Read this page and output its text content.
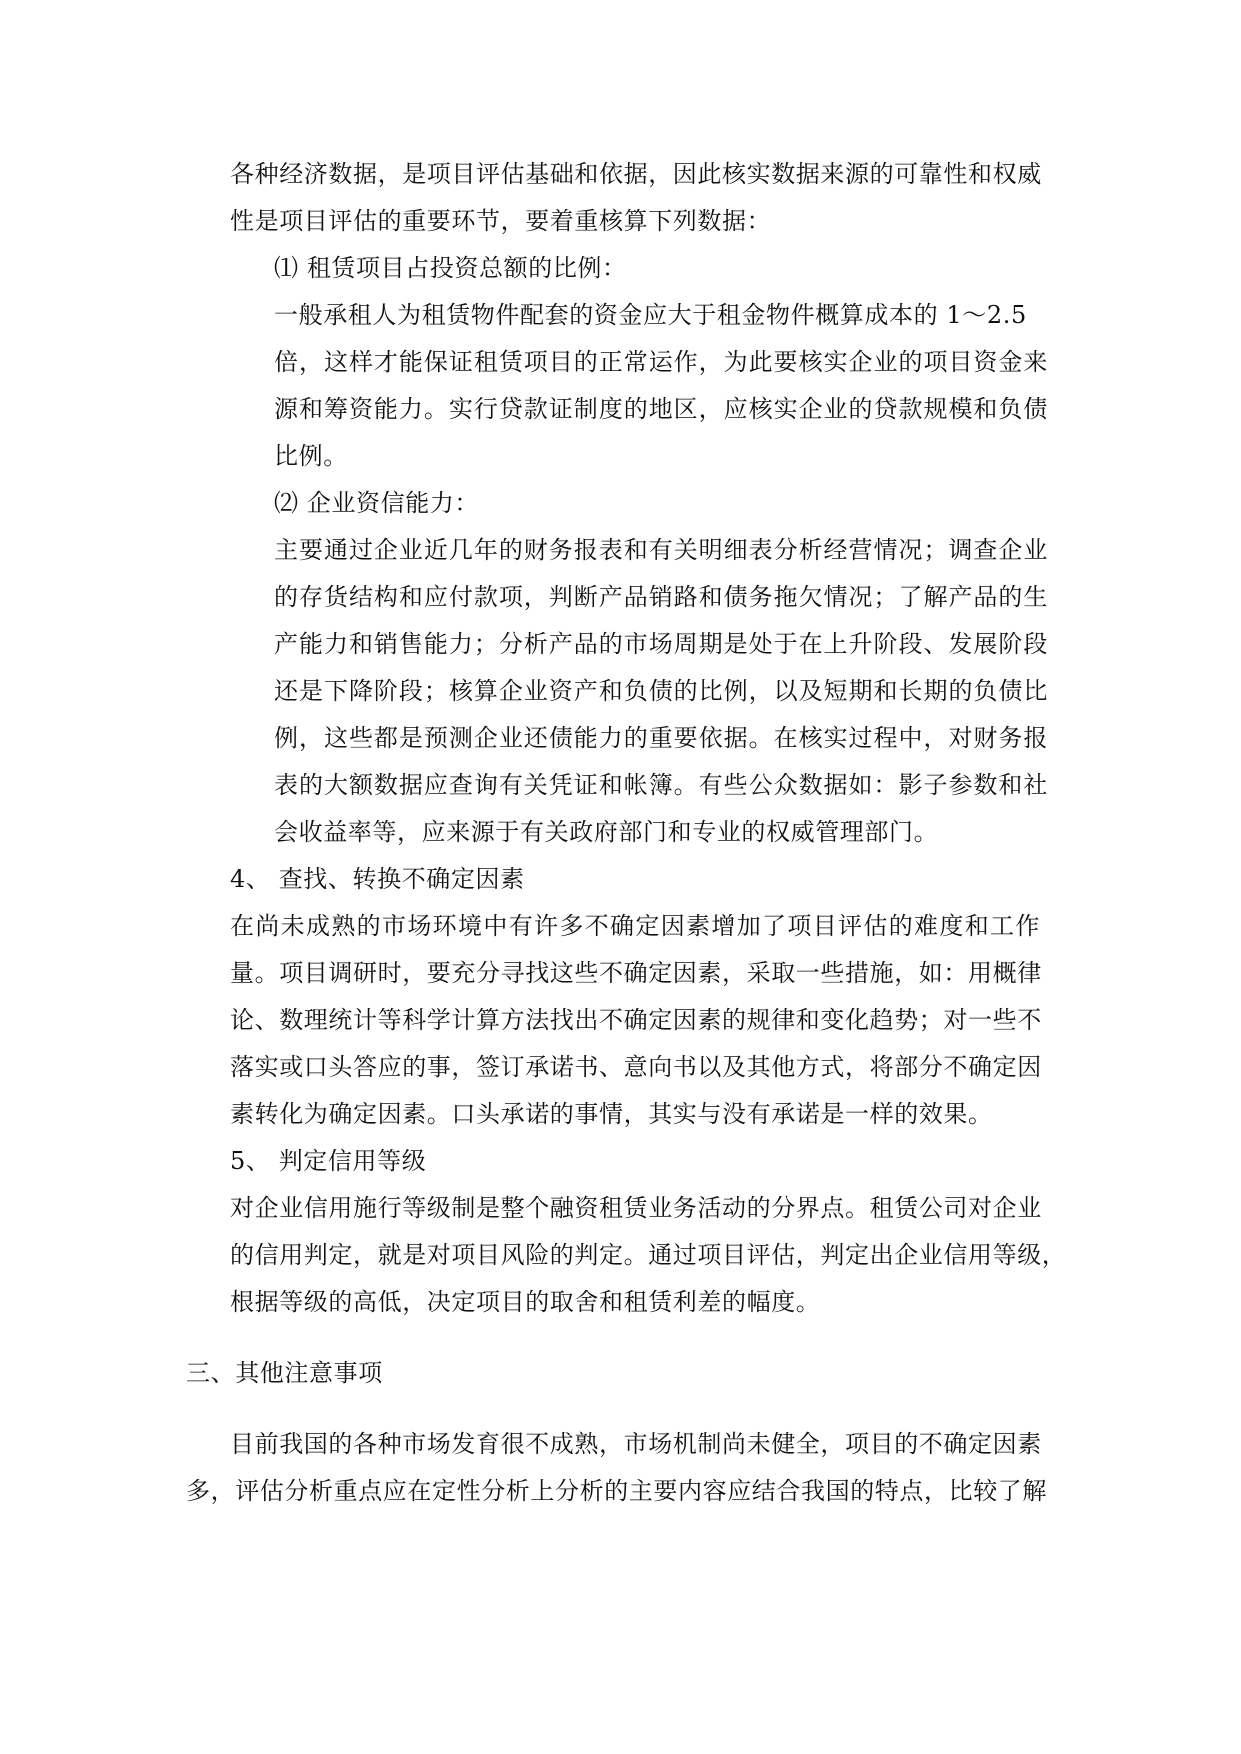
各种经济数据，是项目评估基础和依据，因此核实数据来源的可靠性和权威
性是项目评估的重要环节，要着重核算下列数据：
⑴ 租赁项目占投资总额的比例：
一般承租人为租赁物件配套的资金应大于租金物件概算成本的 1～2.5
倍，这样才能保证租赁项目的正常运作，为此要核实企业的项目资金来
源和筹资能力。实行贷款证制度的地区，应核实企业的贷款规模和负债
比例。
⑵ 企业资信能力：
主要通过企业近几年的财务报表和有关明细表分析经营情况；调查企业
的存货结构和应付款项，判断产品销路和债务拖欠情况；了解产品的生
产能力和销售能力；分析产品的市场周期是处于在上升阶段、发展阶段
还是下降阶段；核算企业资产和负债的比例，以及短期和长期的负债比
例，这些都是预测企业还债能力的重要依据。在核实过程中，对财务报
表的大额数据应查询有关凭证和帐簿。有些公众数据如：影子参数和社
会收益率等，应来源于有关政府部门和专业的权威管理部门。
4、 查找、转换不确定因素
在尚未成熟的市场环境中有许多不确定因素增加了项目评估的难度和工作
量。项目调研时，要充分寻找这些不确定因素，采取一些措施，如：用概律
论、数理统计等科学计算方法找出不确定因素的规律和变化趋势；对一些不
落实或口头答应的事，签订承诺书、意向书以及其他方式，将部分不确定因
素转化为确定因素。口头承诺的事情，其实与没有承诺是一样的效果。
5、 判定信用等级
对企业信用施行等级制是整个融资租赁业务活动的分界点。租赁公司对企业
的信用判定，就是对项目风险的判定。通过项目评估，判定出企业信用等级，
根据等级的高低，决定项目的取舍和租赁利差的幅度。
三、其他注意事项
目前我国的各种市场发育很不成熟，市场机制尚未健全，项目的不确定因素
多，评估分析重点应在定性分析上分析的主要内容应结合我国的特点，比较了解
